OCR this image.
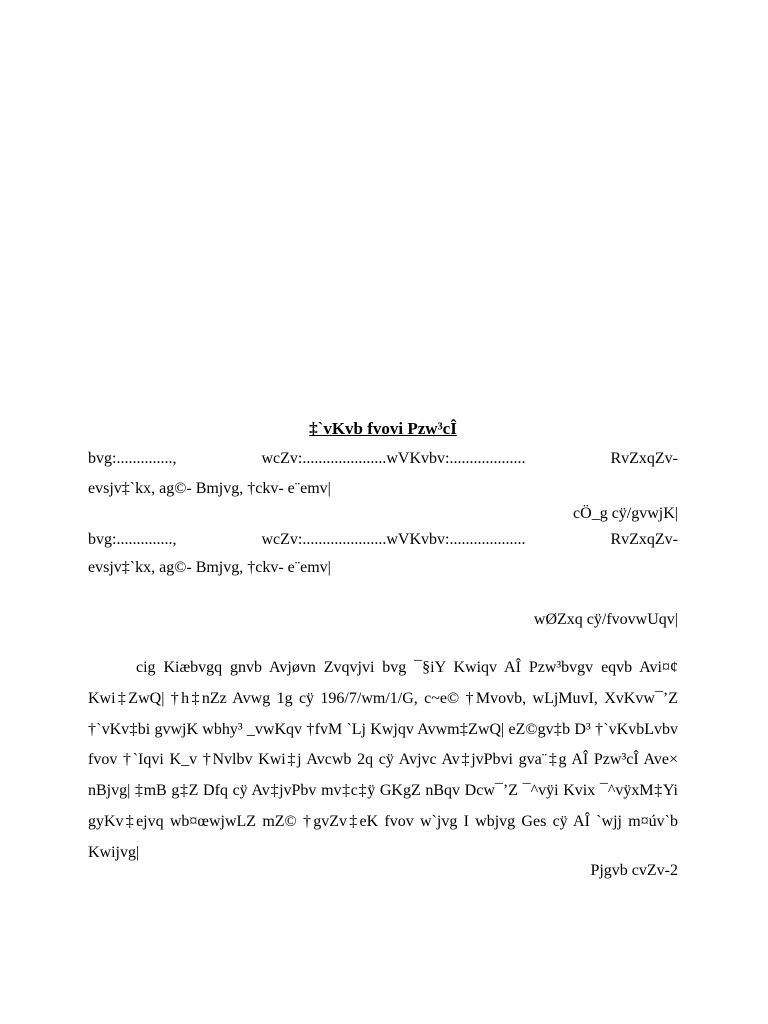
‡`vKvb fvovi Pzw³cÎ
bvg:..............,	wcZv:.....................wVKvbv:...................	RvZxqZv-
evsjv‡`kx, ag©- Bmjvg, †ckv- e¨emv|
cÖ_g cÿ/gvwjK|
bvg:..............,	wcZv:.....................wVKvbv:...................	RvZxqZv-
evsjv‡`kx, ag©- Bmjvg, †ckv- e¨emv|
wØZxq cÿ/fvovwUqv|
cig Kiæbvgq gnvb Avjøvn Zvqvjvi bvg ¯§iY Kwiqv AÎ Pzw³bvgv eqvb Avi¤¢ Kwi‡ZwQ| †h‡nZz Avwg 1g cÿ 196/7/wm/1/G, c~e© †Mvovb, wLjMuvI, XvKvw¯’Z †`vKv‡bi gvwjK wbhy³ _vwKqv †fvM `Lj Kwjqv Avwm‡ZwQ| eZ©gv‡b D³ †`vKvbLvbv fvov †`Iqvi K_v †Nvlbv Kwi‡j Avcwb 2q cÿ Avjvc Av‡jvPbvi gva¨‡g AÎ Pzw³cÎ Ave× nBjvg| ‡mB g‡Z Dfq cÿ Av‡jvPbv mv‡c‡ÿ GKgZ nBqv Dcw¯’Z ¯^vÿi Kvix ¯^vÿxM‡Yi gyKv‡ejvq wb¤œwjwLZ mZ© †gvZv‡eK fvov w`jvg I wbjvg Ges cÿ AÎ `wjj m¤úv`b Kwijvg|
Pjgvb cvZv-2
